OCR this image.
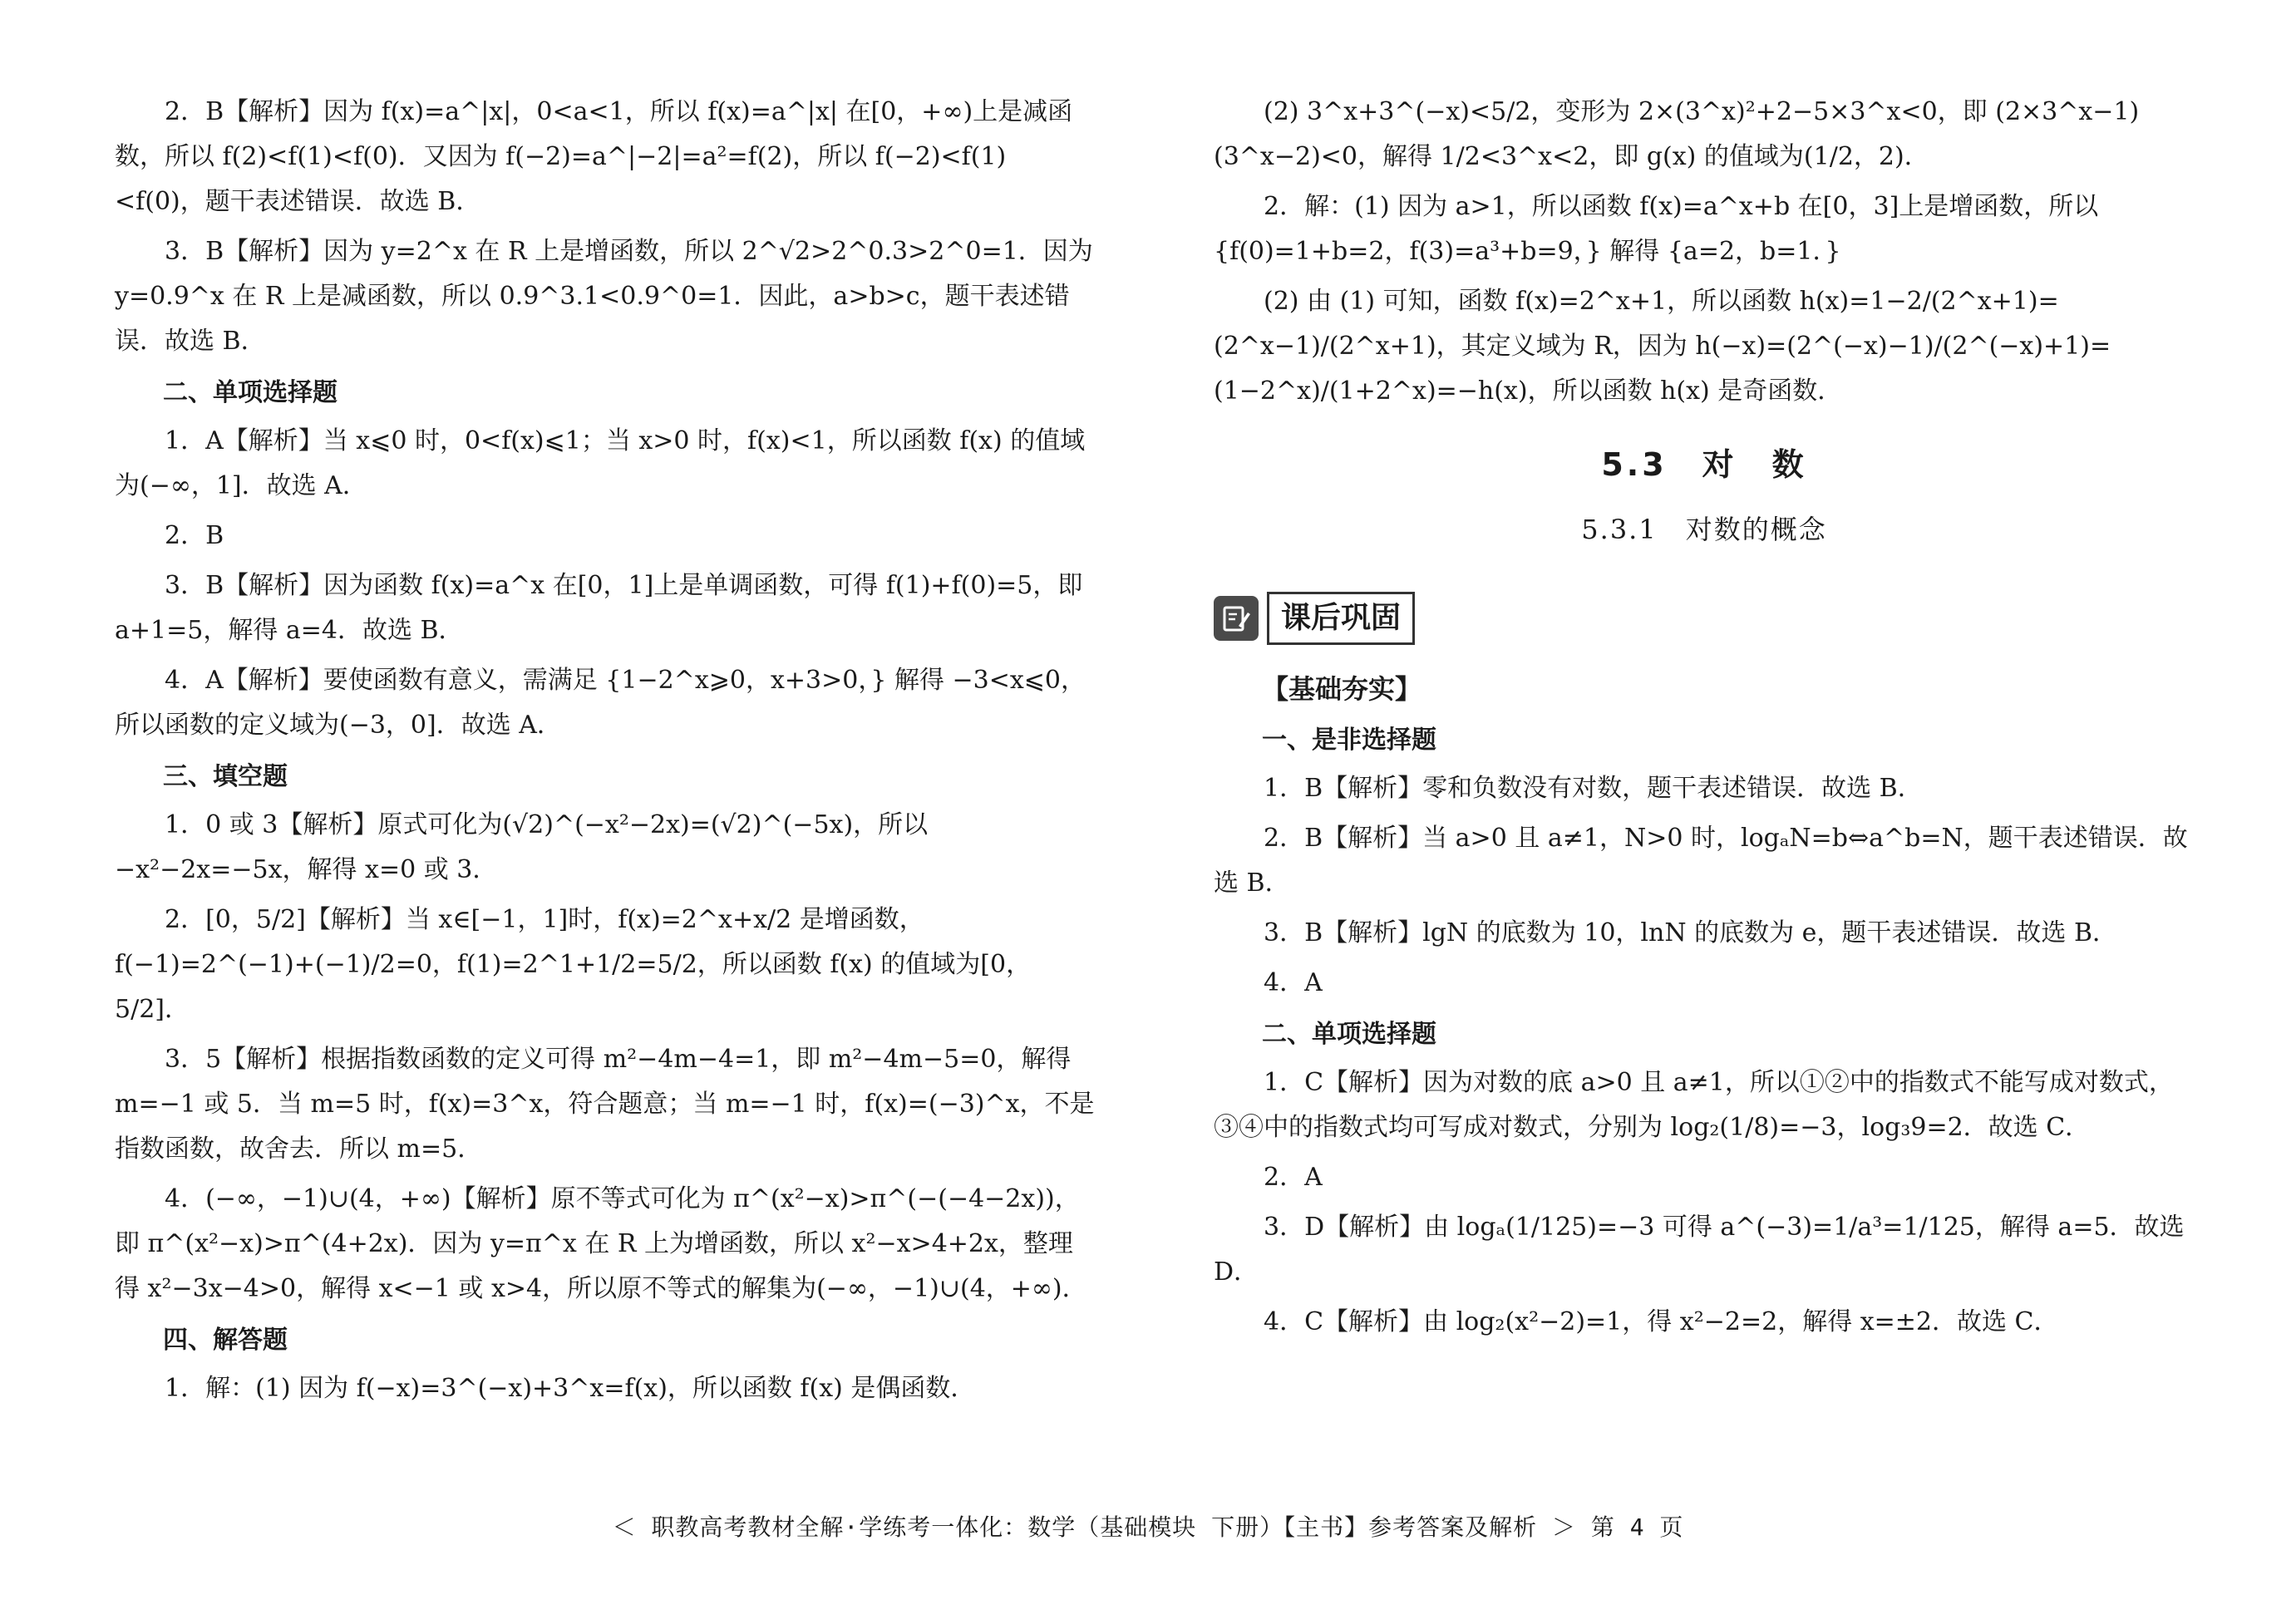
2．B【解析】因为 f(x)=a^|x|，0<a<1，所以 f(x)=a^|x| 在[0，+∞)上是减函数，所以 f(2)<f(1)<f(0)．又因为 f(−2)=a^|−2|=a²=f(2)，所以 f(−2)<f(1)<f(0)，题干表述错误．故选 B．

3．B【解析】因为 y=2^x 在 R 上是增函数，所以 2^√2>2^0.3>2^0=1．因为 y=0.9^x 在 R 上是减函数，所以 0.9^3.1<0.9^0=1．因此，a>b>c，题干表述错误．故选 B．

二、单项选择题

1．A【解析】当 x⩽0 时，0<f(x)⩽1；当 x>0 时，f(x)<1，所以函数 f(x) 的值域为(−∞，1]．故选 A．

2．B

3．B【解析】因为函数 f(x)=a^x 在[0，1]上是单调函数，可得 f(1)+f(0)=5，即 a+1=5，解得 a=4．故选 B．

4．A【解析】要使函数有意义，需满足 {1−2^x⩾0，x+3>0，} 解得 −3<x⩽0，所以函数的定义域为(−3，0]．故选 A．

三、填空题

1．0 或 3【解析】原式可化为(√2)^(−x²−2x)=(√2)^(−5x)，所以 −x²−2x=−5x，解得 x=0 或 3．

2．[0，5/2]【解析】当 x∈[−1，1]时，f(x)=2^x+x/2 是增函数，f(−1)=2^(−1)+(−1)/2=0，f(1)=2^1+1/2=5/2，所以函数 f(x) 的值域为[0，5/2]．

3．5【解析】根据指数函数的定义可得 m²−4m−4=1，即 m²−4m−5=0，解得 m=−1 或 5．当 m=5 时，f(x)=3^x，符合题意；当 m=−1 时，f(x)=(−3)^x，不是指数函数，故舍去．所以 m=5．

4．(−∞，−1)∪(4，+∞)【解析】原不等式可化为 π^(x²−x)>π^(−(−4−2x))，即 π^(x²−x)>π^(4+2x)．因为 y=π^x 在 R 上为增函数，所以 x²−x>4+2x，整理得 x²−3x−4>0，解得 x<−1 或 x>4，所以原不等式的解集为(−∞，−1)∪(4，+∞)．

四、解答题

1．解：(1) 因为 f(−x)=3^(−x)+3^x=f(x)，所以函数 f(x) 是偶函数．

(2) 3^x+3^(−x)<5/2，变形为 2×(3^x)²+2−5×3^x<0，即 (2×3^x−1)(3^x−2)<0，解得 1/2<3^x<2，即 g(x) 的值域为(1/2，2)．

2．解：(1) 因为 a>1，所以函数 f(x)=a^x+b 在[0，3]上是增函数，所以 {f(0)=1+b=2，f(3)=a³+b=9，} 解得 {a=2，b=1．}

(2) 由 (1) 可知，函数 f(x)=2^x+1，所以函数 h(x)=1−2/(2^x+1)=(2^x−1)/(2^x+1)，其定义域为 R，因为 h(−x)=(2^(−x)−1)/(2^(−x)+1)=(1−2^x)/(1+2^x)=−h(x)，所以函数 h(x) 是奇函数．

5.3　对　数
5.3.1　对数的概念
课后巩固
【基础夯实】
一、是非选择题

1．B【解析】零和负数没有对数，题干表述错误．故选 B．

2．B【解析】当 a>0 且 a≠1，N>0 时，logₐN=b⇔a^b=N，题干表述错误．故选 B．

3．B【解析】lgN 的底数为 10，lnN 的底数为 e，题干表述错误．故选 B．

4．A

二、单项选择题

1．C【解析】因为对数的底 a>0 且 a≠1，所以①②中的指数式不能写成对数式，③④中的指数式均可写成对数式，分别为 log₂(1/8)=−3，log₃9=2．故选 C．

2．A

3．D【解析】由 logₐ(1/125)=−3 可得 a^(−3)=1/a³=1/125，解得 a=5．故选 D．

4．C【解析】由 log₂(x²−2)=1，得 x²−2=2，解得 x=±2．故选 C．

＜ 职教高考教材全解·学练考一体化：数学（基础模块 下册）【主书】参考答案及解析 ＞ 第 4 页
